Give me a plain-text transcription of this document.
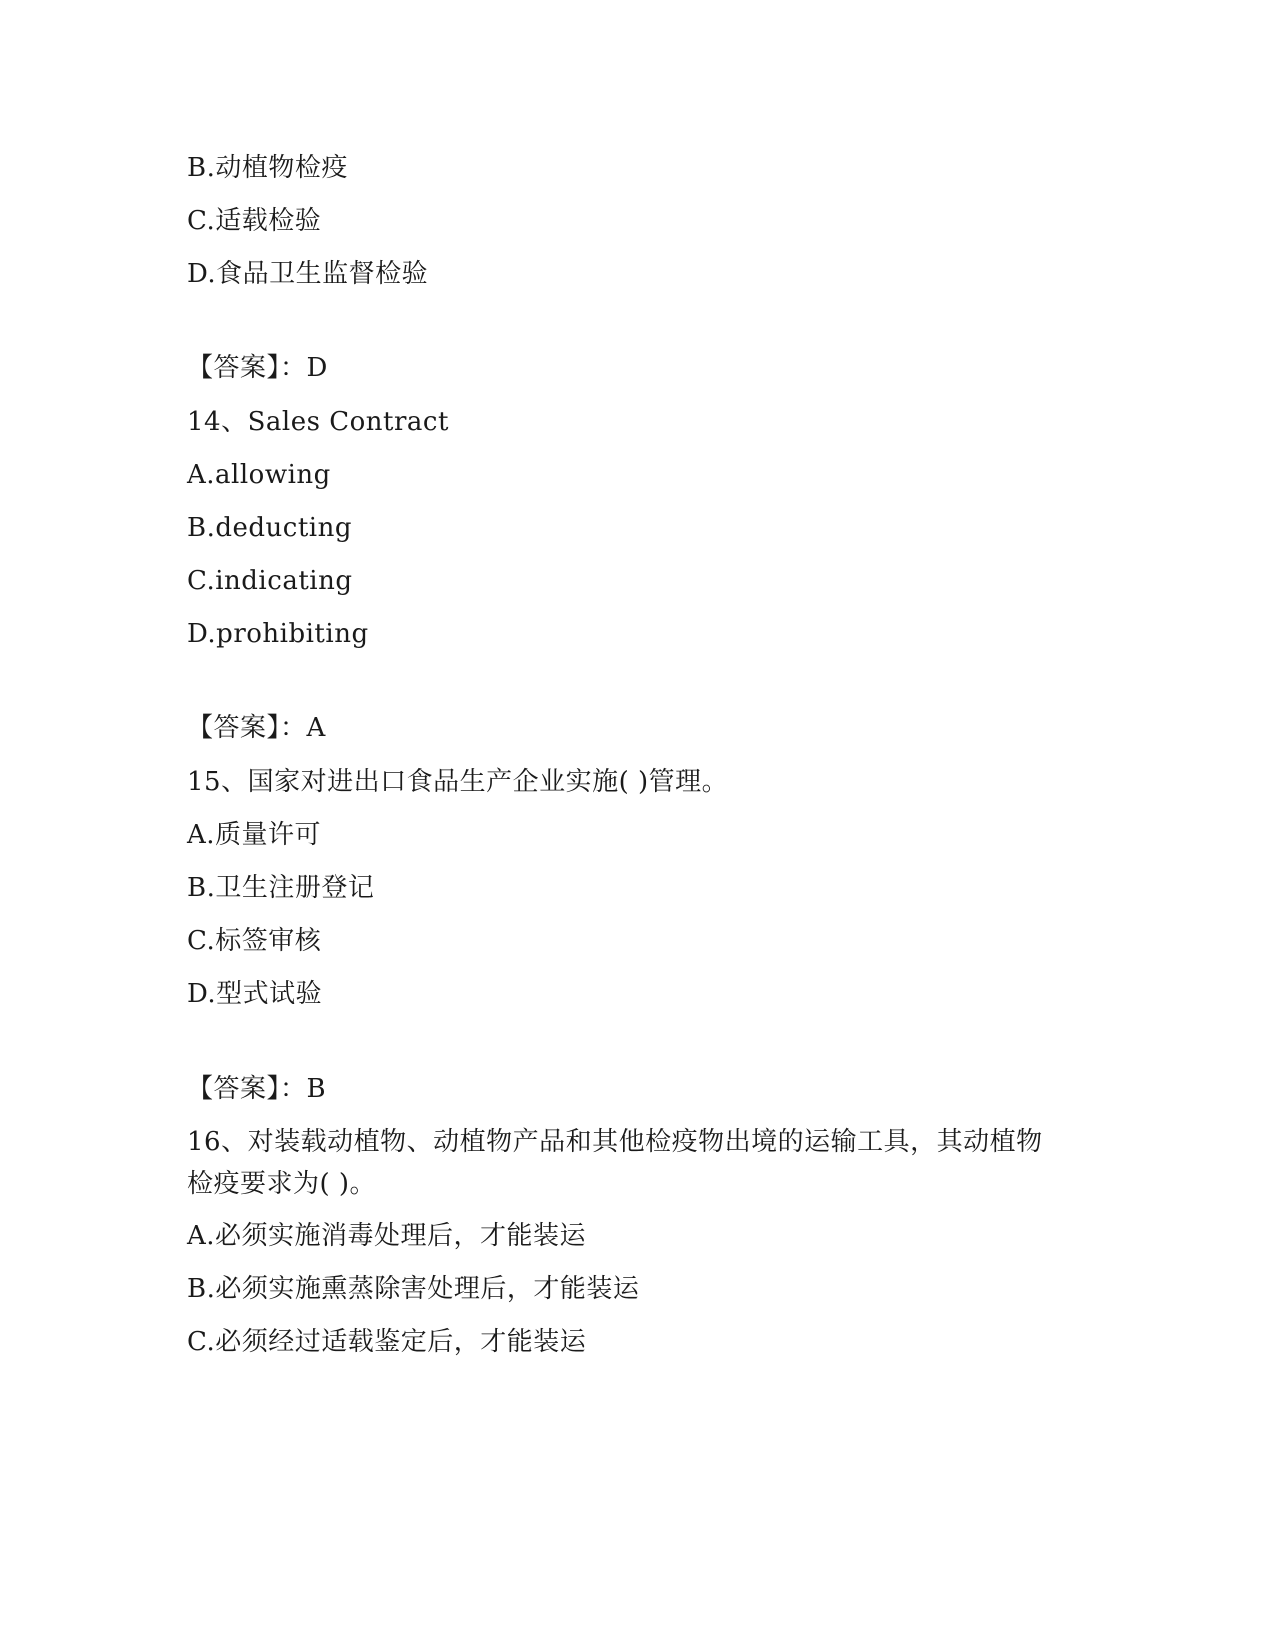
B.动植物检疫
C.适载检验
D.食品卫生监督检验
【答案】：D
14、Sales Contract
A.allowing
B.deducting
C.indicating
D.prohibiting
【答案】：A
15、国家对进出口食品生产企业实施( )管理。
A.质量许可
B.卫生注册登记
C.标签审核
D.型式试验
【答案】：B
16、对装载动植物、动植物产品和其他检疫物出境的运输工具，其动植物检疫要求为( )。
A.必须实施消毒处理后，才能装运
B.必须实施熏蒸除害处理后，才能装运
C.必须经过适载鉴定后，才能装运
